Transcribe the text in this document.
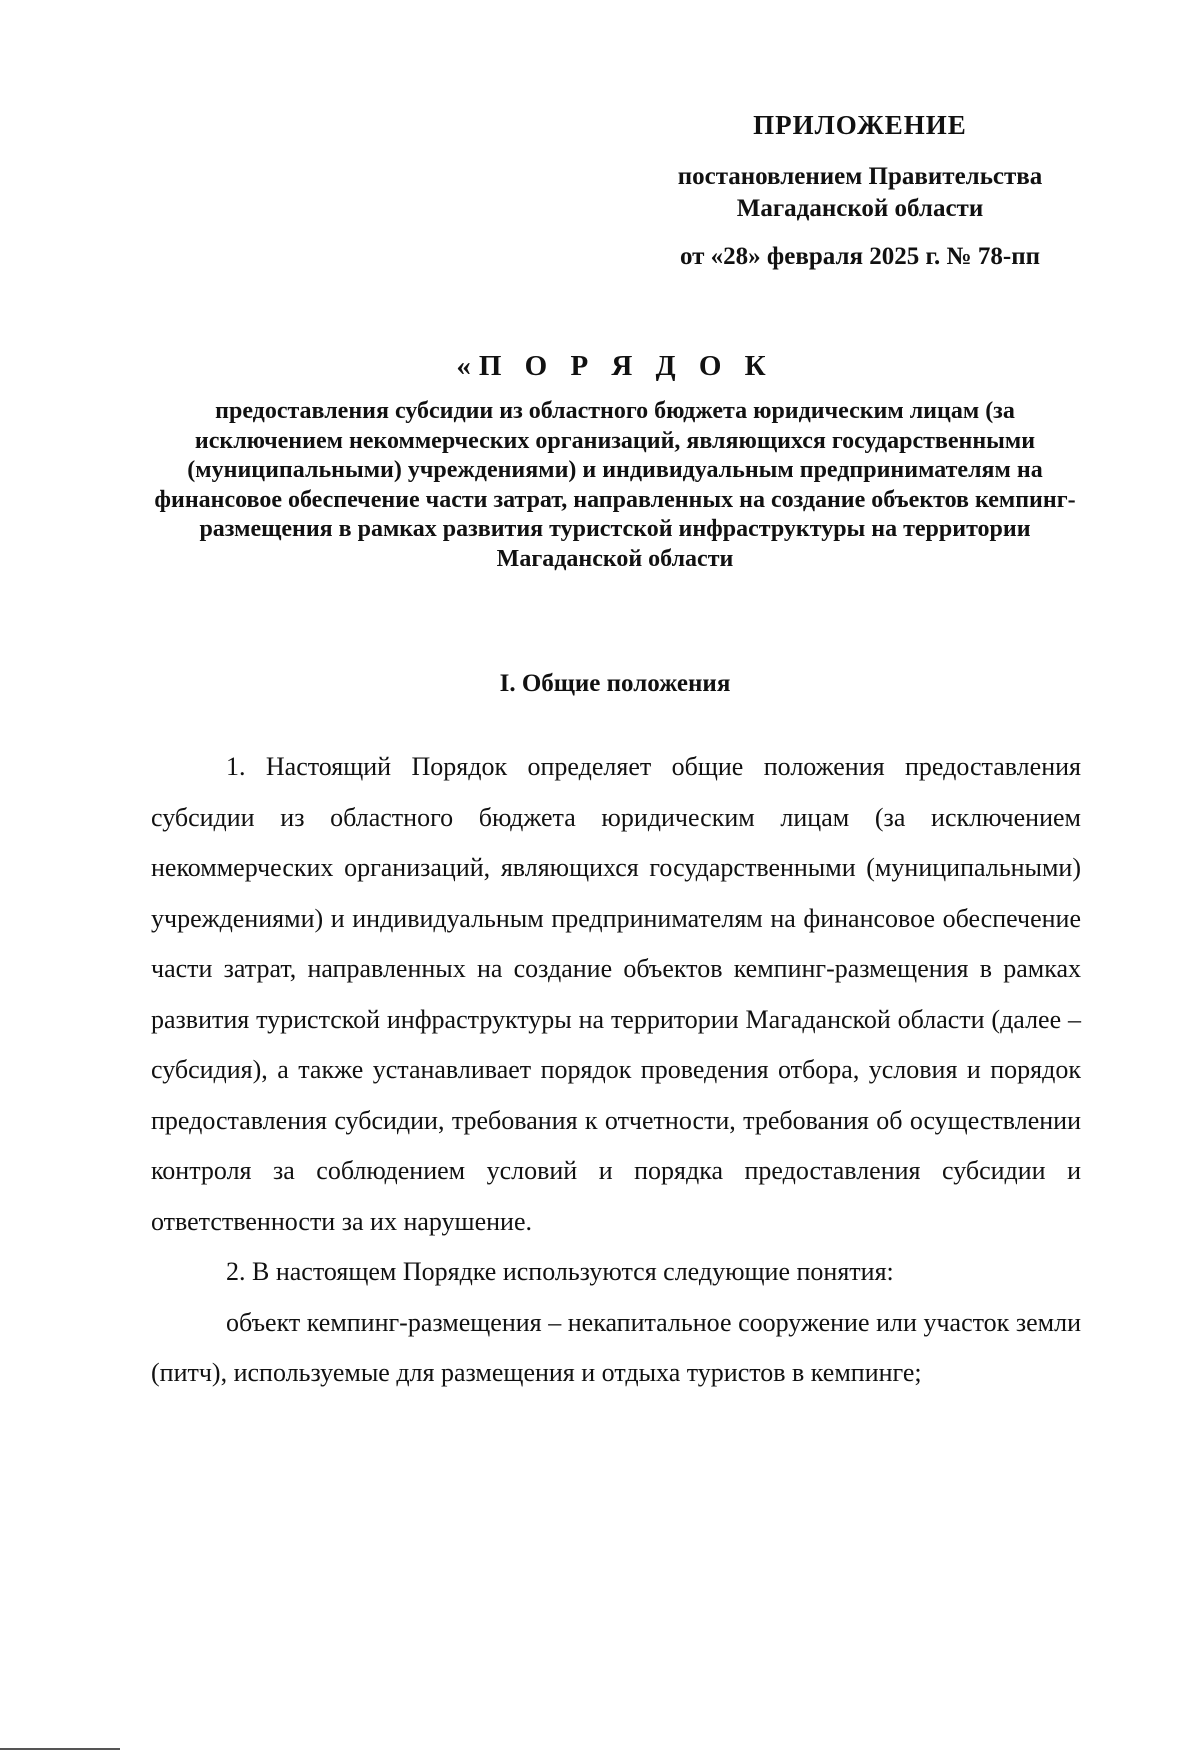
ПРИЛОЖЕНИЕ
постановлением Правительства
Магаданской области
от «28» февраля 2025 г. № 78-пп
«П О Р Я Д О К
предоставления субсидии из областного бюджета юридическим лицам (за исключением некоммерческих организаций, являющихся государственными (муниципальными) учреждениями) и индивидуальным предпринимателям на финансовое обеспечение части затрат, направленных на создание объектов кемпинг-размещения в рамках развития туристской инфраструктуры на территории Магаданской области
I. Общие положения

1. Настоящий Порядок определяет общие положения предоставления субсидии из областного бюджета юридическим лицам (за исключением некоммерческих организаций, являющихся государственными (муниципальными) учреждениями) и индивидуальным предпринимателям на финансовое обеспечение части затрат, направленных на создание объектов кемпинг-размещения в рамках развития туристской инфраструктуры на территории Магаданской области (далее – субсидия), а также устанавливает порядок проведения отбора, условия и порядок предоставления субсидии, требования к отчетности, требования об осуществлении контроля за соблюдением условий и порядка предоставления субсидии и ответственности за их нарушение.

2. В настоящем Порядке используются следующие понятия:

объект кемпинг-размещения – некапитальное сооружение или участок земли (питч), используемые для размещения и отдыха туристов в кемпинге;
